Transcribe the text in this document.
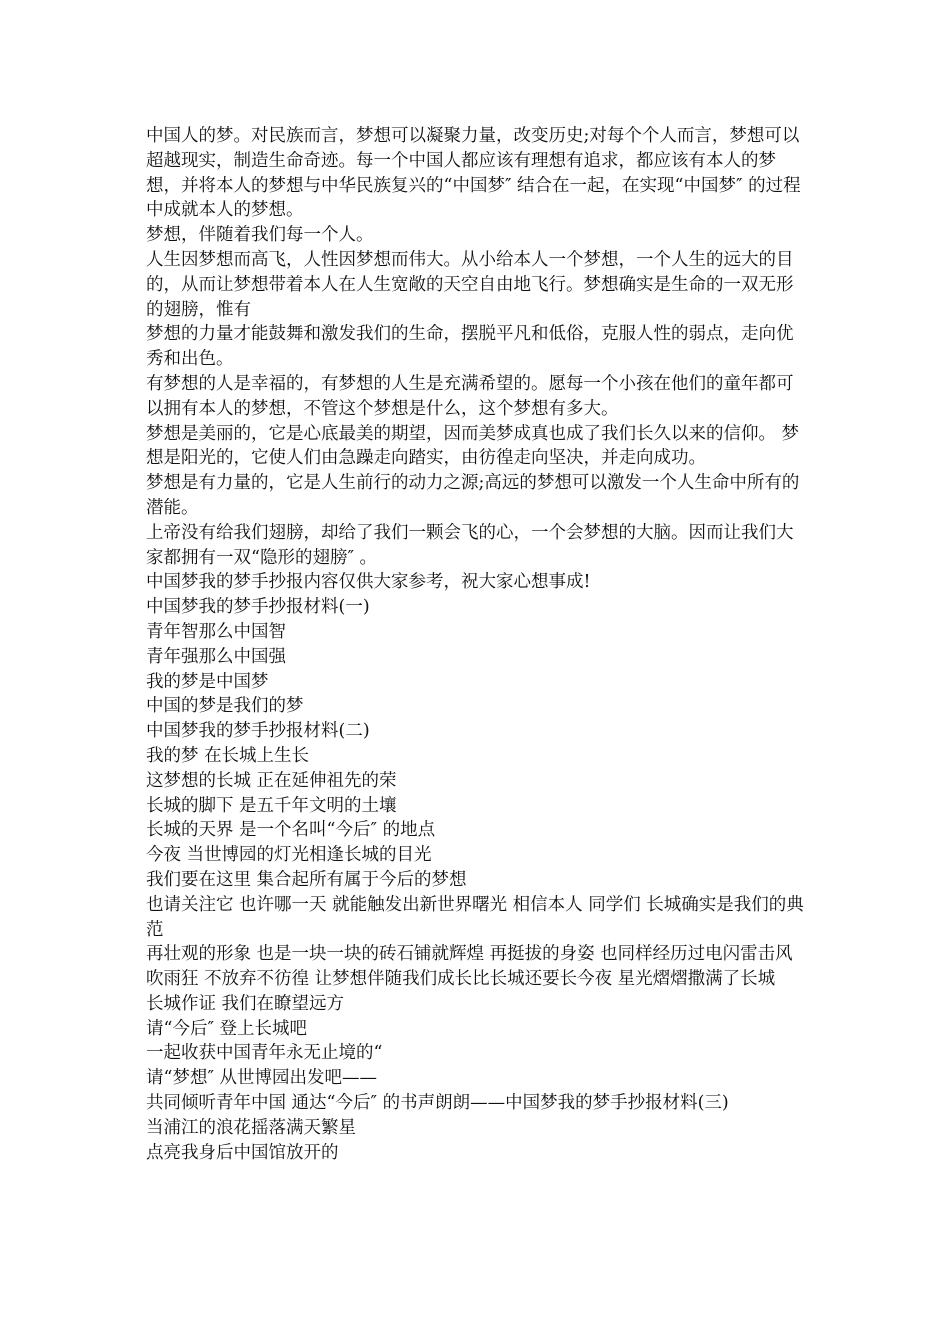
中国人的梦。对民族而言，梦想可以凝聚力量，改变历史;对每个个人而言，梦想可以超越现实，制造生命奇迹。每一个中国人都应该有理想有追求，都应该有本人的梦想，并将本人的梦想与中华民族复兴的“中国梦″ 结合在一起，在实现“中国梦″ 的过程中成就本人的梦想。

梦想，伴随着我们每一个人。

人生因梦想而高飞，人性因梦想而伟大。从小给本人一个梦想，一个人生的远大的目的，从而让梦想带着本人在人生宽敞的天空自由地飞行。梦想确实是生命的一双无形的翅膀，惟有

梦想的力量才能鼓舞和激发我们的生命，摆脱平凡和低俗，克服人性的弱点，走向优秀和出色。

有梦想的人是幸福的，有梦想的人生是充满希望的。愿每一个小孩在他们的童年都可以拥有本人的梦想，不管这个梦想是什么，这个梦想有多大。

梦想是美丽的，它是心底最美的期望，因而美梦成真也成了我们长久以来的信仰。 梦想是阳光的，它使人们由急躁走向踏实，由彷徨走向坚决，并走向成功。

梦想是有力量的，它是人生前行的动力之源;高远的梦想可以激发一个人生命中所有的潜能。

上帝没有给我们翅膀，却给了我们一颗会飞的心，一个会梦想的大脑。因而让我们大家都拥有一双“隐形的翅膀″ 。

中国梦我的梦手抄报内容仅供大家参考，祝大家心想事成!

中国梦我的梦手抄报材料(一)

青年智那么中国智

青年强那么中国强

我的梦是中国梦

中国的梦是我们的梦

中国梦我的梦手抄报材料(二)

我的梦 在长城上生长

这梦想的长城 正在延伸祖先的荣

长城的脚下 是五千年文明的土壤

长城的天界 是一个名叫“今后″ 的地点

今夜 当世博园的灯光相逢长城的目光

我们要在这里 集合起所有属于今后的梦想

也请关注它 也许哪一天 就能触发出新世界曙光 相信本人 同学们 长城确实是我们的典范

再壮观的形象 也是一块一块的砖石铺就辉煌 再挺拔的身姿 也同样经历过电闪雷击风吹雨狂 不放弃不彷徨 让梦想伴随我们成长比长城还要长今夜 星光熠熠撒满了长城

长城作证 我们在瞭望远方

请“今后″ 登上长城吧

一起收获中国青年永无止境的“

请“梦想″ 从世博园出发吧——

共同倾听青年中国 通达“今后″ 的书声朗朗——中国梦我的梦手抄报材料(三)

当浦江的浪花摇落满天繁星

点亮我身后中国馆放开的
